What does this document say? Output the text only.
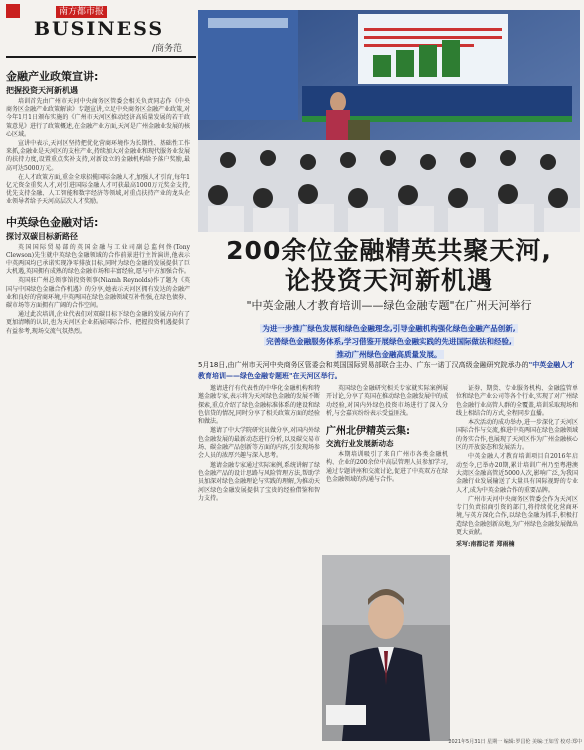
南方都市报
BUSINESS
/商务范
金融产业政策宣讲:
把握投资天河新机遇

培训首先由广州市天河中央商务区管委会相关负责同志作《中央商务区金融产业政策解读》专题宣讲,立足中央商务区金融产业政策,对今年1月1日颁布实施的《广州市天河区推动经济高质量发展的若干政策意见》进行了政策概述,在金融产业方面,天河是广州金融业发展的核心区域。

宣讲中表示,天河区坚持把优化营商环境作为长期性、基础性工作来抓,金融业是天河区的支柱产业,持续加大对金融业和现代服务业发展的扶持力度,设置重点奖补支持,对新设立的金融机构给予落户奖励,最高可达5000万元。

在人才政策方面,重金全球招揽国际金融人才,加强人才引育,每年1亿元资金重奖人才,对引进国际金融人才可获最高1000万元奖金支持,优先支持金融、人工智能和数字经济等领域,对重点扶持产业的龙头企业领导者给予天河高层次人才奖励。

中英绿色金融对话:
探讨双碳目标新路径

英国国际贸易部的英国金融与工业司副总监何佟(Tony Clewson)先生就中英绿色金融领域的合作前景进行主旨演讲,他表示中英两国均已承诺实现净零排放目标,同时为绿色金融的发展提供了巨大机遇,英国拥有成熟的绿色金融市场和丰富经验,愿与中方加强合作。

英国驻广州总领事馆投资领事(Niamh Reynolds)作了题为《英国与中国绿色金融合作机遇》的分享,她表示天河区拥有发达的金融产业和良好的营商环境,中英两国在绿色金融领域互补性强,在绿色债券、碳市场等方面拥有广阔的合作空间。

通过此次培训,企业代表们对双碳目标下绿色金融的发展方向有了更加清晰的认识,也为天河区企业拓展国际合作、把握投资机遇提供了有益参考,现场交流气氛热烈。

200余位金融精英共聚天河,
论投资天河新机遇
"中英金融人才教育培训——绿色金融专题"在广州天河举行
为进一步推广绿色发展和绿色金融理念,引导金融机构强化绿色金融产品创新,
完善绿色金融服务体系,学习借鉴开展绿色金融实践的先进国际做法和经验,
推动广州绿色金融高质量发展。
5月18日,由广州市天河中央商务区管委会和英国国际贸易部联合主办、广东一诺丁汉高级金融研究院承办的"中英金融人才教育培训——绿色金融专题班"在天河区举行。

邀请进行有代表性的中华化金融机构和特邀金融专家,表示将为天河绿色金融的发展不断探索,重点介绍了绿色金融标准体系的建设和绿色信贷的情况,同时分享了相关政策方面的经验和做法。

邀请了中大学院研究员做分享,对国内外绿色金融发展的最新动态进行分析,以及碳交易市场、碳金融产品创新等方面的内容,引发现场参会人员的浓厚兴趣与深入思考。

邀请金融专家通过实际案例,系统讲解了绿色金融产品的设计思路与风险管理方法,帮助学员加深对绿色金融理论与实践的理解,为推动天河区绿色金融发展提供了宝贵的经验借鉴和智力支持。

英国绿色金融研究相关专家就实际案例展开讨论,分享了英国在推动绿色金融发展中的成功经验,对国内外绿色投资市场进行了深入分析,与会嘉宾纷纷表示受益匪浅。

广州北伊精英云集:
交流行业发展新动态

本期培训吸引了来自广州市各类金融机构、企业的200余位中高层管理人员参加学习,通过专题讲座和交流讨论,促进了中英双方在绿色金融领域的沟通与合作。

证券、期货、专业服务机构、金融监管单位和绿色产业公司等各个行业,实现了对广州绿色金融行业高管人群的全覆盖,培训采取现场和线上相结合的方式,全程同步直播。

本次活动的成功举办,进一步深化了天河区国际合作与交流,推进中英两国在绿色金融领域的务实合作,也展现了天河区作为广州金融核心区的开放姿态和发展活力。

中英金融人才教育培训项目自2016年启动至今,已举办20期,累计培训广州乃至粤港澳大湾区金融高管近5000人次,影响广泛,为我国金融行业发展输送了大量具有国际视野的专业人才,成为中英金融合作的重要品牌。

广州市天河中央商务区管委会作为天河区专门负责招商引资的部门,将持续优化营商环境,与英方深化合作,以绿色金融为抓手,积极打造绿色金融创新高地,为广州绿色金融发展做出更大贡献。

采写:南都记者 郑雨楠
2021年5月31日 星期一 编辑:罗昌伦 美编:王如雪 校对:郑中
